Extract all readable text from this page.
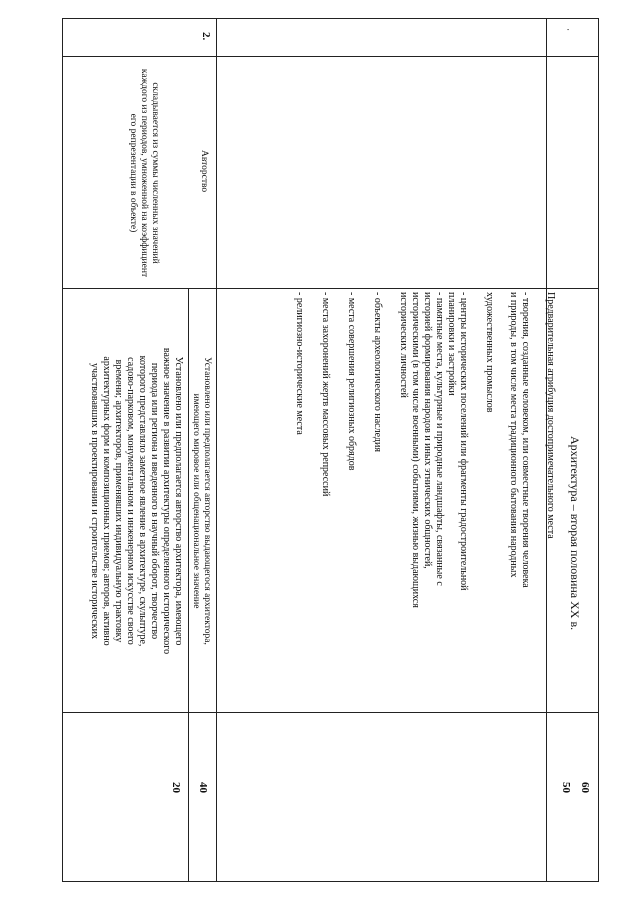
·
2.
складывается из суммы численных значений каждого из периодов, умноженной на коэффициент его репрезентации в объекте)	Авторство
Архитектура – вторая половина XX в.
60
Предварительная атрибуция достопримечательного места
50
- творения, созданные человеком, или совместные творения человека
и природы, в том числе места традиционного бытования народных
художественных промыслов
- центры исторических поселений или фрагменты градостроительной
планировки и застройки
- памятные места, культурные и природные ландшафты, связанные с
историей формирования народов и иных этнических общностей,
историческими (в том числе военными) событиями, жизнью выдающихся
исторических личностей
- объекты археологического наследия
- места совершения религиозных обрядов
- места захоронений жертв массовых репрессий
- религиозно-исторические места
Установлено или предполагается авторство выдающегося архитектора,
имеющего мировое или общенациональное значение
40
Установлено или предполагается авторство архитектора, имеющего
важное значение в развитии архитектуры определенного исторического
периода или региона и введенного в научный оборот, творчество
которого представляло заметное явление в архитектуре, скульптуре,
садово-парковом, монументальном и инженерном искусстве своего
времени; архитекторов, применявших индивидуальную трактовку
архитектурных форм и композиционных приемов; авторов, активно
участвовавших в проектировании и строительстве исторических
20
